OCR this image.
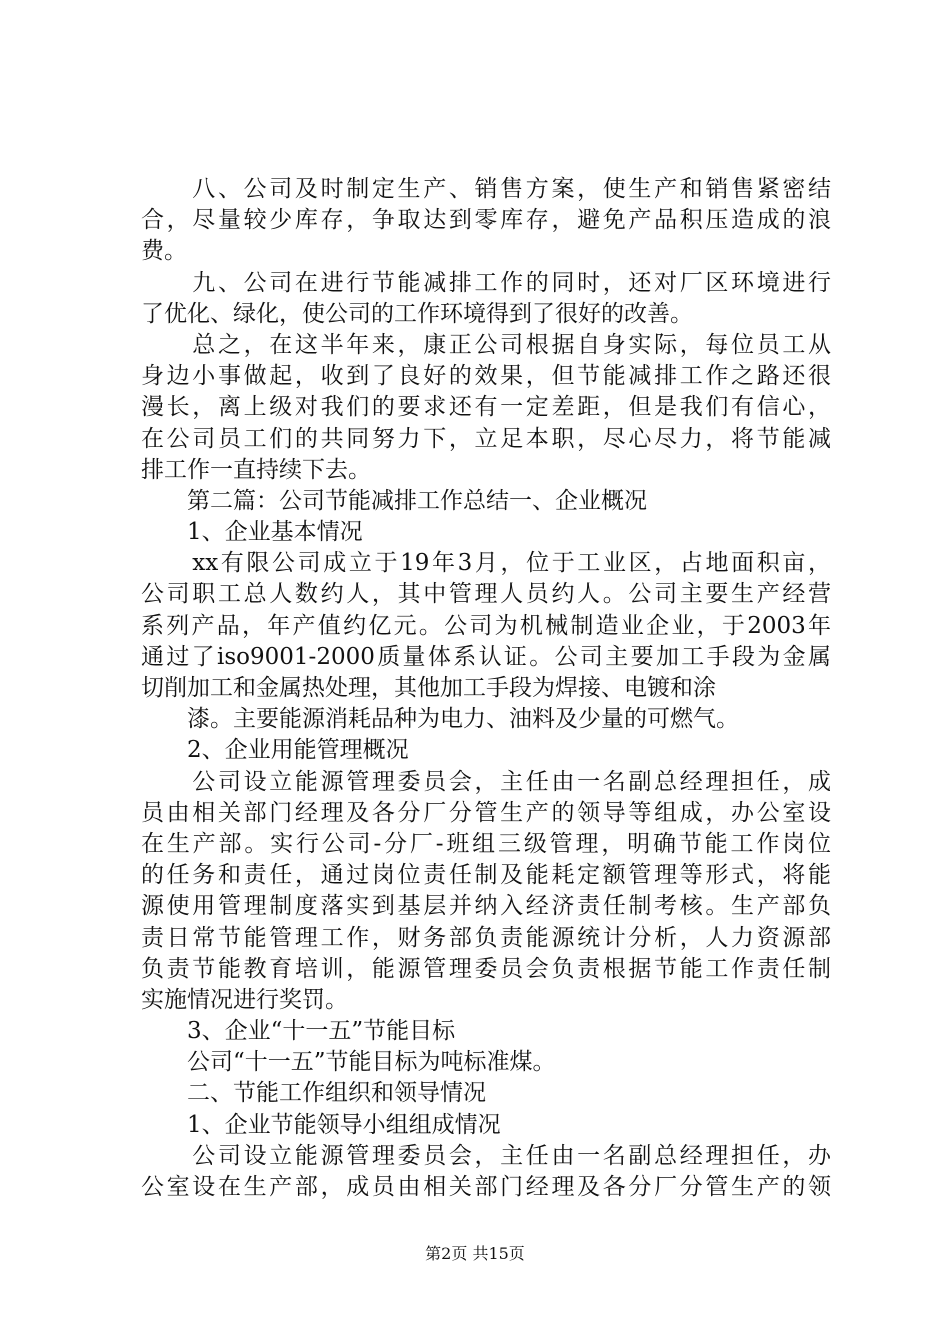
　　八、公司及时制定生产、销售方案，使生产和销售紧密结
合，尽量较少库存，争取达到零库存，避免产品积压造成的浪
费。
　　九、公司在进行节能减排工作的同时，还对厂区环境进行
了优化、绿化，使公司的工作环境得到了很好的改善。
　　总之，在这半年来，康正公司根据自身实际，每位员工从
身边小事做起，收到了良好的效果，但节能减排工作之路还很
漫长，离上级对我们的要求还有一定差距，但是我们有信心，
在公司员工们的共同努力下，立足本职，尽心尽力，将节能减
排工作一直持续下去。
　　第二篇：公司节能减排工作总结一、企业概况
　　1、企业基本情况
　　xx有限公司成立于19年3月，位于工业区，占地面积亩，
公司职工总人数约人，其中管理人员约人。公司主要生产经营
系列产品，年产值约亿元。公司为机械制造业企业，于2003年
通过了iso9001-2000质量体系认证。公司主要加工手段为金属
切削加工和金属热处理，其他加工手段为焊接、电镀和涂
　　漆。主要能源消耗品种为电力、油料及少量的可燃气。
　　2、企业用能管理概况
　　公司设立能源管理委员会，主任由一名副总经理担任，成
员由相关部门经理及各分厂分管生产的领导等组成，办公室设
在生产部。实行公司-分厂-班组三级管理，明确节能工作岗位
的任务和责任，通过岗位责任制及能耗定额管理等形式，将能
源使用管理制度落实到基层并纳入经济责任制考核。生产部负
责日常节能管理工作，财务部负责能源统计分析，人力资源部
负责节能教育培训，能源管理委员会负责根据节能工作责任制
实施情况进行奖罚。
　　3、企业“十一五”节能目标
　　公司“十一五”节能目标为吨标准煤。
　　二、节能工作组织和领导情况
　　1、企业节能领导小组组成情况
　　公司设立能源管理委员会，主任由一名副总经理担任，办
公室设在生产部，成员由相关部门经理及各分厂分管生产的领
第2页 共15页
